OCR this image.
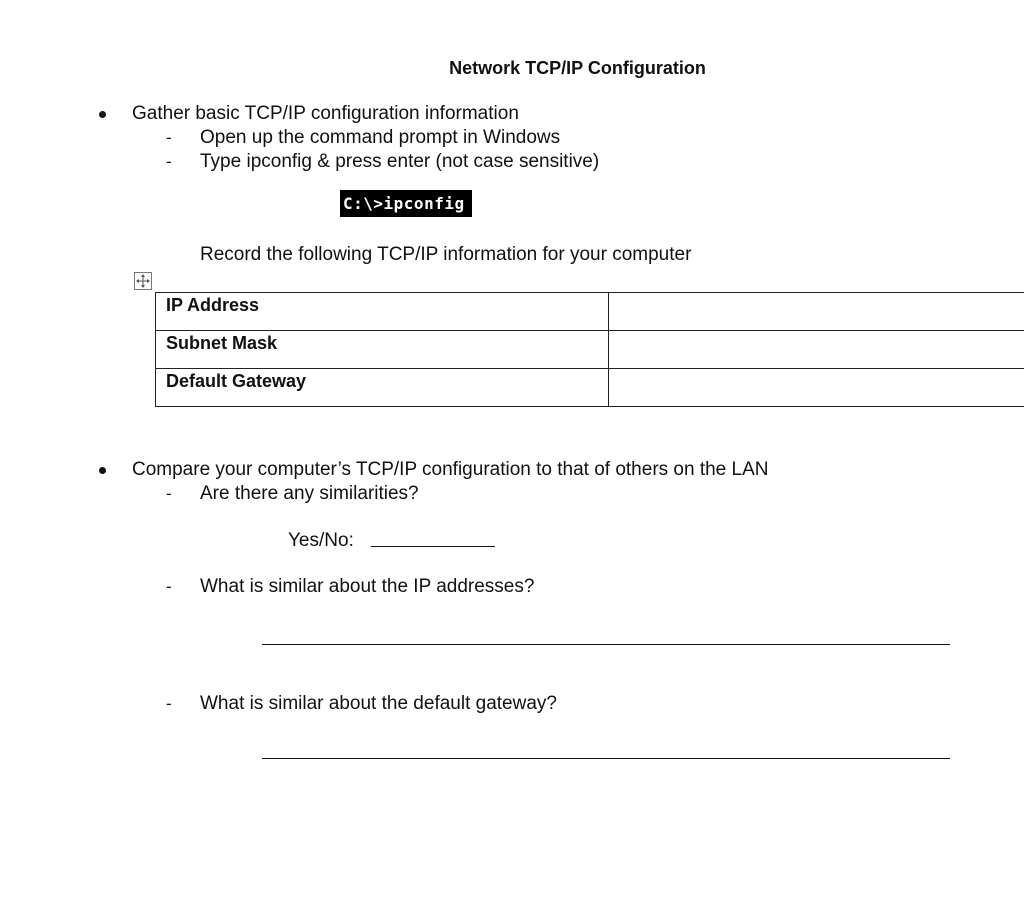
Network TCP/IP Configuration
Gather basic TCP/IP configuration information
- Open up the command prompt in Windows
- Type ipconfig & press enter (not case sensitive)
C:\>ipconfig
Record the following TCP/IP information for your computer
IP Address	
Subnet Mask	
Default Gateway	
Compare your computer’s TCP/IP configuration to that of others on the LAN
- Are there any similarities?
Yes/No:
- What is similar about the IP addresses?
- What is similar about the default gateway?
